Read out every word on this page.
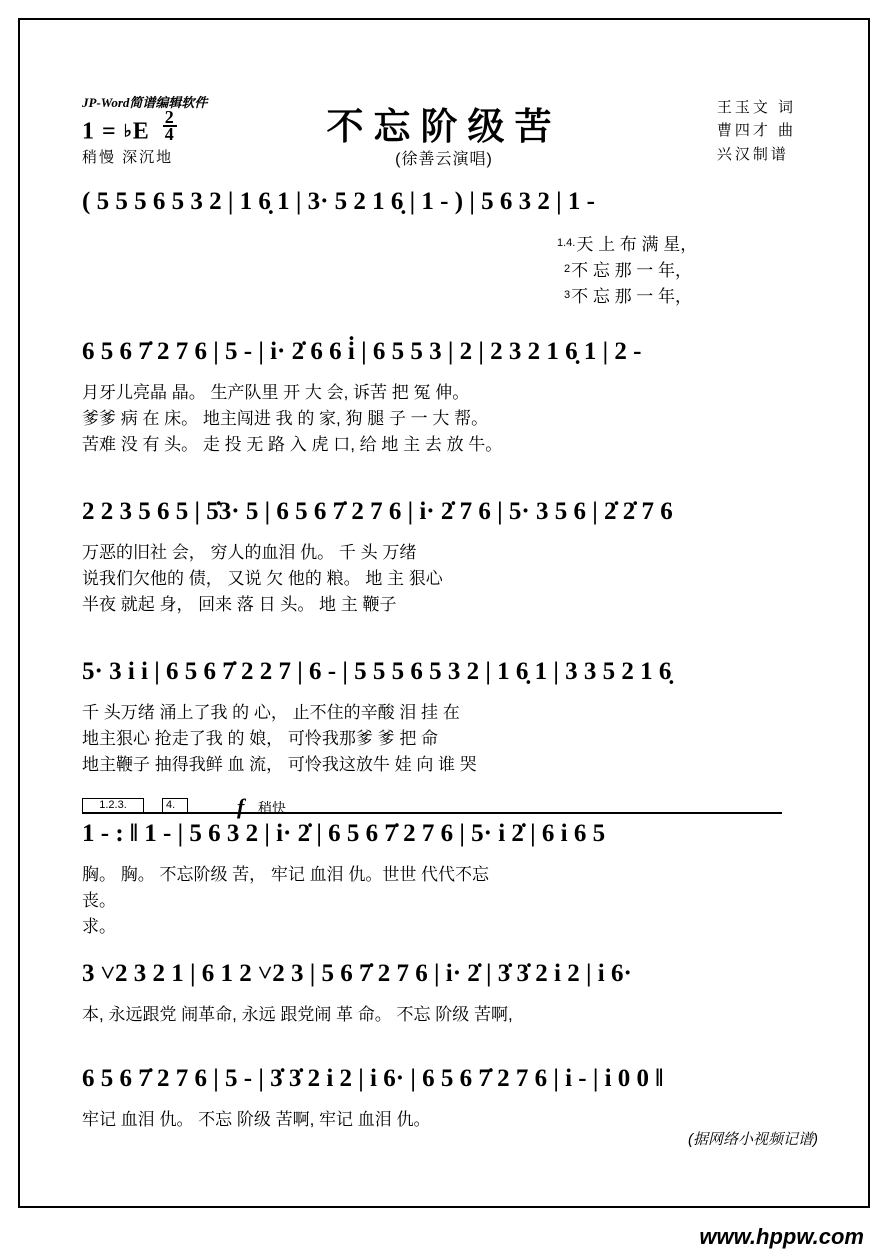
JP-Word简谱编辑软件
1 = ♭E $\frac{2}{4}$
稍慢 深沉地
不忘阶级苦
(徐善云演唱)
王玉文 词
曹四才 曲
兴汉制谱
( 5 5 5 6 5 3 2 | 1 6̣ 1 | 3· 5 2 1 6̣ | 1 - ) | 5 6 3 2 | 1 -
$^{1.4.}$天 上 布 满 星，
$^2$不 忘 那 一 年，
$^3$不 忘 那 一 年，
6 5 6 7̇ 2 7 6 | 5 - | i· 2̇ 6 6 i̇ | 6 5 5 3 | 2 | 2 3 2 1 6̣ 1 | 2 -
月牙儿亮晶 晶。 生产队里 开 大 会, 诉苦 把 冤 伸。
爹爹 病 在 床。 地主闯进 我 的 家, 狗 腿 子 一 大 帮。
苦难 没 有 头。 走 投 无 路 入 虎 口, 给 地 主 去 放 牛。
2 2 3 5 6 5 | 5̇3· 5 | 6 5 6 7̇ 2 7 6 | i· 2̇ 7 6 | 5· 3 5 6 | 2̇ 2̇ 7 6
万恶的旧社 会， 穷人的血泪 仇。 千 头 万绪
说我们欠他的 债， 又说 欠 他的 粮。 地 主 狠心
半夜 就起 身， 回来 落 日 头。 地 主 鞭子
5· 3 i i | 6 5 6 7̇ 2 2 7 | 6 - | 5 5 5 6 5 3 2 | 1 6̣ 1 | 3 3 5 2 1 6̣
千 头万绪 涌上了我 的 心， 止不住的辛酸 泪 挂 在
地主狠心 抢走了我 的 娘， 可怜我那爹 爹 把 命
地主鞭子 抽得我鲜 血 流， 可怜我这放牛 娃 向 谁 哭
1.2.3.	4.	f 稍快
1 - : ‖ 1 - | 5 6 3 2 | i· 2̇ | 6 5 6 7̇ 2 7 6 | 5· i 2̇ | 6 i 6 5
胸。 胸。 不忘阶级 苦， 牢记 血泪 仇。世世 代代不忘
丧。
求。
3 ˅2 3 2 1 | 6 1 2 ˅2 3 | 5 6 7̇ 2 7 6 | i· 2̇ | 3̇ 3̇ 2 i 2 | i 6·
本, 永远跟党 闹革命, 永远 跟党闹 革 命。 不忘 阶级 苦啊,
6 5 6 7̇ 2 7 6 | 5 - | 3̇ 3̇ 2 i 2 | i 6· | 6 5 6 7̇ 2 7 6 | i - | i 0 0 ‖
牢记 血泪 仇。 不忘 阶级 苦啊, 牢记 血泪 仇。
(据网络小视频记谱)
www.hppw.com
